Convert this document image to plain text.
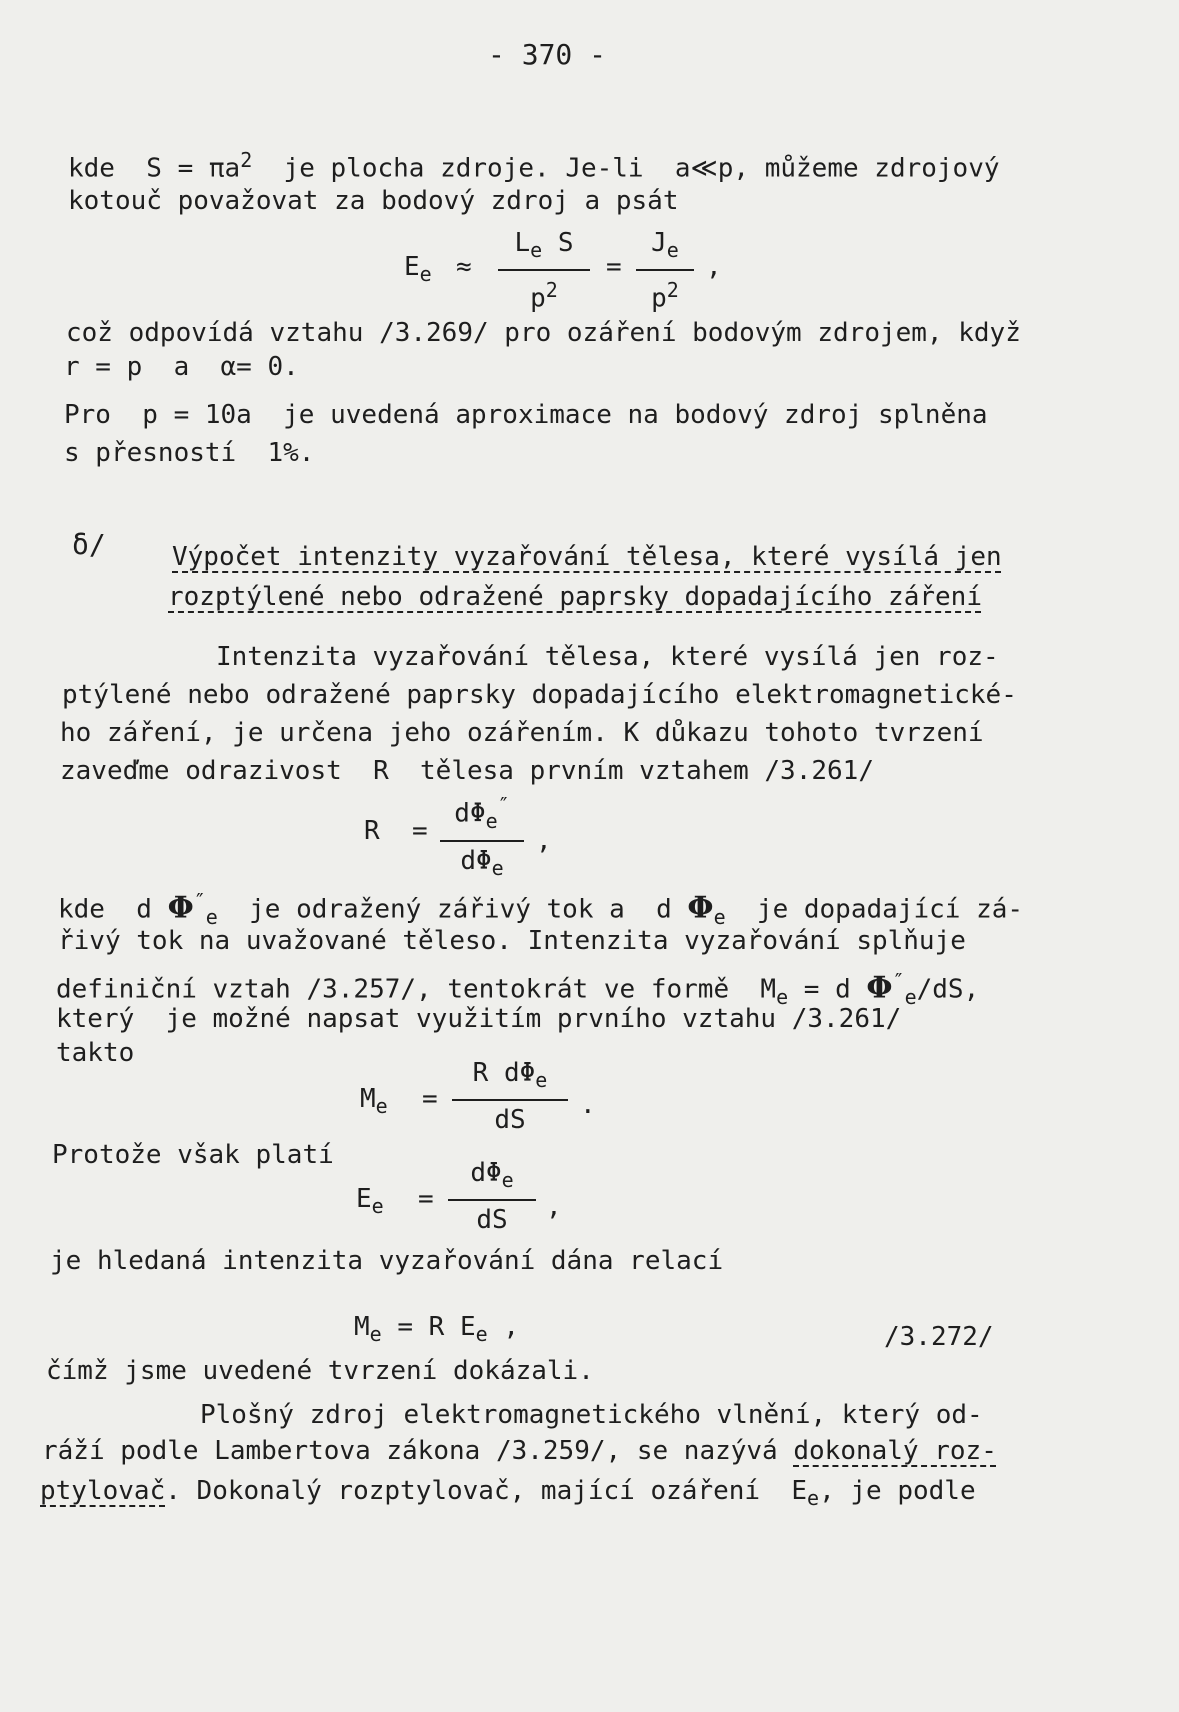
- 370 -
kde  $S = \pi a^2$  je plocha zdroje. Je-li  a≪p, můžeme zdrojový
kotouč považovat za bodový zdroj a psát
$E_e$ ≈
$L_e$ S
$p^2$
=
$J_e$
$p^2$
,
což odpovídá vztahu /3.269/ pro ozáření bodovým zdrojem, když
r = p  a  α= 0.
Pro  p = 10a  je uvedená aproximace na bodový zdroj splněna
s přesností  1%.
δ/	Výpočet intenzity vyzařování tělesa, které vysílá jen
rozptýlené nebo odražené paprsky dopadajícího záření
Intenzita vyzařování tělesa, které vysílá jen roz-
ptýlené nebo odražené paprsky dopadajícího elektromagnetické-
ho záření, je určena jeho ozářením. K důkazu tohoto tvrzení
zaveďme odrazivost  R  tělesa prvním vztahem /3.261/
R =
$d\Phi_e''$
$d\Phi_e$
,
kde  d $\Phi''_e$  je odražený zářivý tok a  d $\Phi_e$  je dopadající zá-
řivý tok na uvažované těleso. Intenzita vyzařování splňuje
definiční vztah /3.257/, tentokrát ve formě  $M_e = d$ $\Phi''_e/dS$,
který  je možné napsat využitím prvního vztahu /3.261/
takto
$M_e$ =
R $d\Phi_e$
dS
.
Protože však platí
$E_e$ =
$d\Phi_e$
dS ,
je hledaná intenzita vyzařování dána relací
$M_e = R$ $E_e$ ,	/3.272/
čímž jsme uvedené tvrzení dokázali.
Plošný zdroj elektromagnetického vlnění, který od-
ráží podle Lambertova zákona /3.259/, se nazývá dokonalý roz-
ptylovač. Dokonalý rozptylovač, mající ozáření  $E_e$, je podle
